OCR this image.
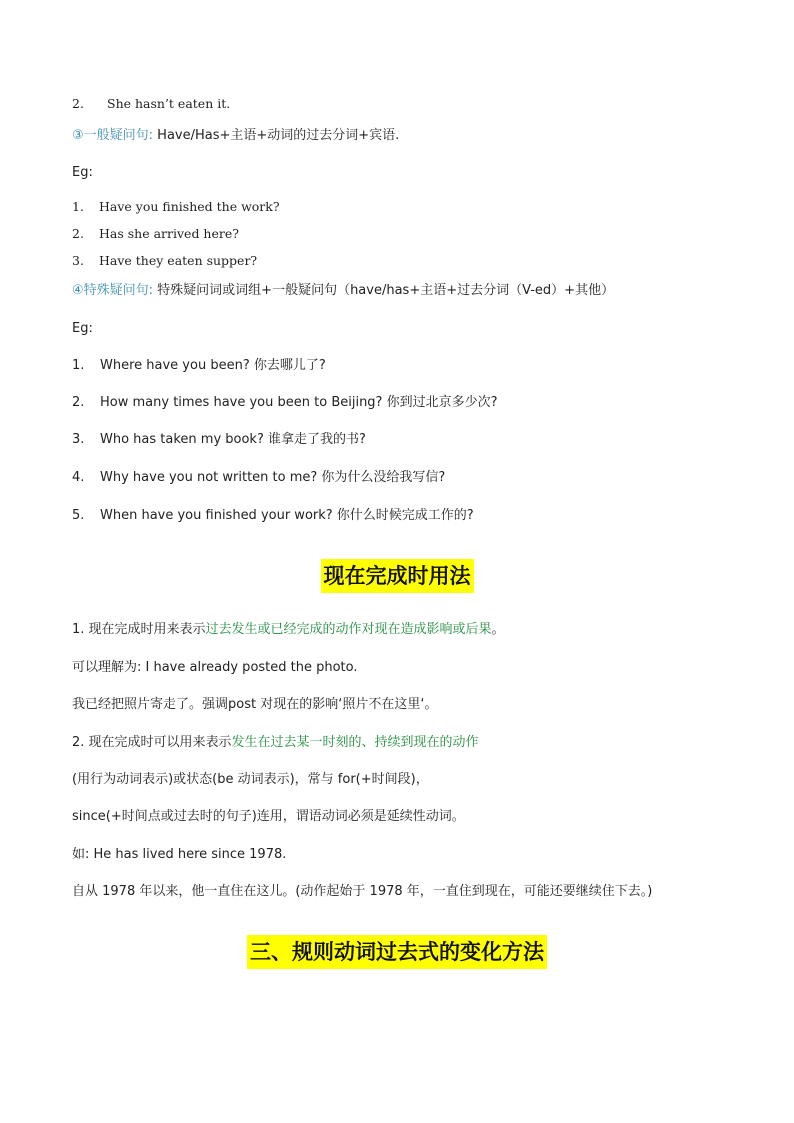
2. She hasn’t eaten it.
③一般疑问句: Have/Has+主语+动词的过去分词+宾语.
Eg:
1. Have you finished the work?
2. Has she arrived here?
3. Have they eaten supper?
④特殊疑问句: 特殊疑问词或词组+一般疑问句（have/has+主语+过去分词（V-ed）+其他）
Eg:
1. Where have you been? 你去哪儿了?
2. How many times have you been to Beijing? 你到过北京多少次?
3. Who has taken my book? 谁拿走了我的书?
4. Why have you not written to me? 你为什么没给我写信?
5. When have you finished your work? 你什么时候完成工作的?
现在完成时用法
1. 现在完成时用来表示过去发生或已经完成的动作对现在造成影响或后果。
可以理解为: I have already posted the photo.
我已经把照片寄走了。强调post 对现在的影响‘照片不在这里‘。
2. 现在完成时可以用来表示发生在过去某一时刻的、持续到现在的动作
(用行为动词表示)或状态(be 动词表示)，常与 for(+时间段)，
since(+时间点或过去时的句子)连用，谓语动词必须是延续性动词。
如: He has lived here since 1978.
自从 1978 年以来，他一直住在这儿。(动作起始于 1978 年，一直住到现在，可能还要继续住下去。)
三、规则动词过去式的变化方法
